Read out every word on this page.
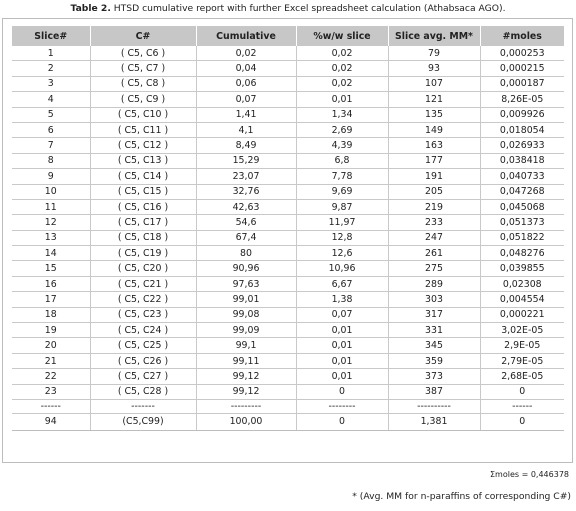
Table 2. HTSD cumulative report with further Excel spreadsheet calculation (Athabsaca AGO).
Slice#	C#	Cumulative	%w/w slice	Slice avg. MM*	#moles
1	( C5, C6 )	0,02	0,02	79	0,000253
2	( C5, C7 )	0,04	0,02	93	0,000215
3	( C5, C8 )	0,06	0,02	107	0,000187
4	( C5, C9 )	0,07	0,01	121	8,26E-05
5	( C5, C10 )	1,41	1,34	135	0,009926
6	( C5, C11 )	4,1	2,69	149	0,018054
7	( C5, C12 )	8,49	4,39	163	0,026933
8	( C5, C13 )	15,29	6,8	177	0,038418
9	( C5, C14 )	23,07	7,78	191	0,040733
10	( C5, C15 )	32,76	9,69	205	0,047268
11	( C5, C16 )	42,63	9,87	219	0,045068
12	( C5, C17 )	54,6	11,97	233	0,051373
13	( C5, C18 )	67,4	12,8	247	0,051822
14	( C5, C19 )	80	12,6	261	0,048276
15	( C5, C20 )	90,96	10,96	275	0,039855
16	( C5, C21 )	97,63	6,67	289	0,02308
17	( C5, C22 )	99,01	1,38	303	0,004554
18	( C5, C23 )	99,08	0,07	317	0,000221
19	( C5, C24 )	99,09	0,01	331	3,02E-05
20	( C5, C25 )	99,1	0,01	345	2,9E-05
21	( C5, C26 )	99,11	0,01	359	2,79E-05
22	( C5, C27 )	99,12	0,01	373	2,68E-05
23	( C5, C28 )	99,12	0	387	0
------	-------	---------	--------	----------	------
94	(C5,C99)	100,00	0	1,381	0
Σmoles = 0,446378
* (Avg. MM for n-paraffins of corresponding C#)
